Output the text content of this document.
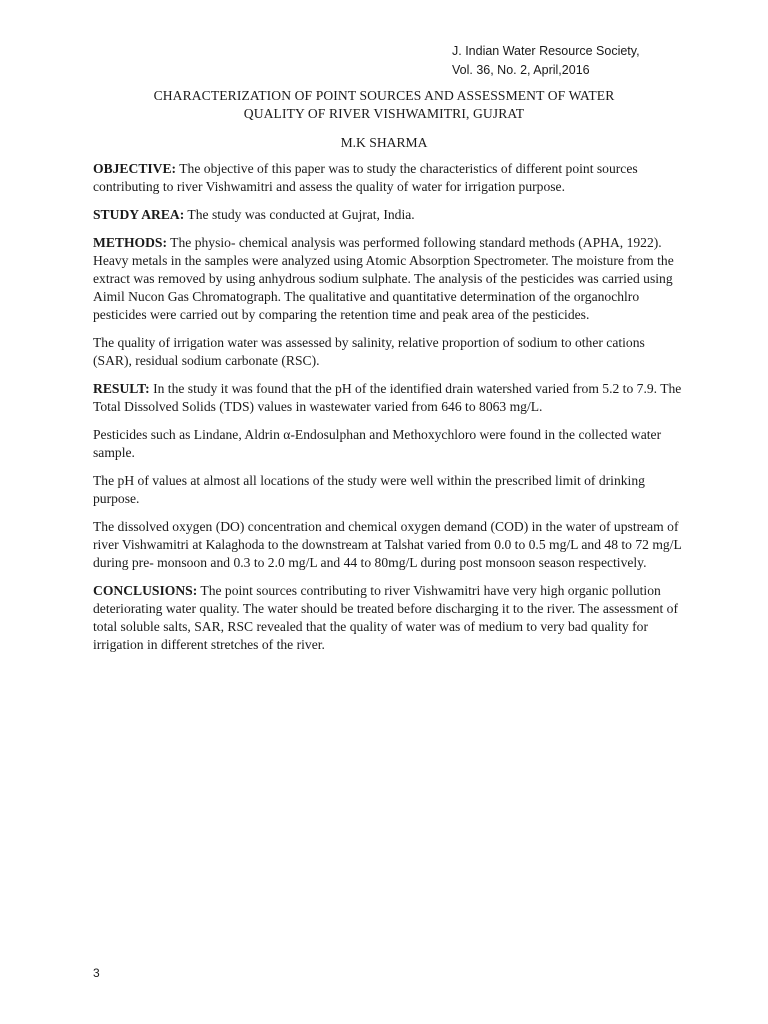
J. Indian Water Resource Society,
Vol. 36, No. 2, April,2016
CHARACTERIZATION OF POINT SOURCES AND ASSESSMENT OF WATER
QUALITY OF RIVER VISHWAMITRI, GUJRAT
M.K SHARMA

OBJECTIVE: The objective of this paper was to study the characteristics of different point sources contributing to river Vishwamitri and assess the quality of water for irrigation purpose.

STUDY AREA: The study was conducted at Gujrat, India.

METHODS: The physio- chemical analysis was performed following standard methods (APHA, 1922). Heavy metals in the samples were analyzed using Atomic Absorption Spectrometer. The moisture from the extract was removed by using anhydrous sodium sulphate. The analysis of the pesticides was carried using Aimil Nucon Gas Chromatograph. The qualitative and quantitative determination of the organochlro pesticides were carried out by comparing the retention time and peak area of the pesticides.

The quality of irrigation water was assessed by salinity, relative proportion of sodium to other cations (SAR), residual sodium carbonate (RSC).

RESULT: In the study it was found that the pH of the identified drain watershed varied from 5.2 to 7.9. The Total Dissolved Solids (TDS) values in wastewater varied from 646 to 8063 mg/L.

Pesticides such as Lindane, Aldrin α-Endosulphan and Methoxychloro were found in the collected water sample.

The pH of values at almost all locations of the study were well within the prescribed limit of drinking purpose.

The dissolved oxygen (DO) concentration and chemical oxygen demand (COD) in the water of upstream of river Vishwamitri at Kalaghoda to the downstream at Talshat varied from 0.0 to 0.5 mg/L and 48 to 72 mg/L during pre- monsoon and 0.3 to 2.0 mg/L and 44 to 80mg/L during post monsoon season respectively.

CONCLUSIONS: The point sources contributing to river Vishwamitri have very high organic pollution deteriorating water quality. The water should be treated before discharging it to the river. The assessment of total soluble salts, SAR, RSC revealed that the quality of water was of medium to very bad quality for irrigation in different stretches of the river.

3
